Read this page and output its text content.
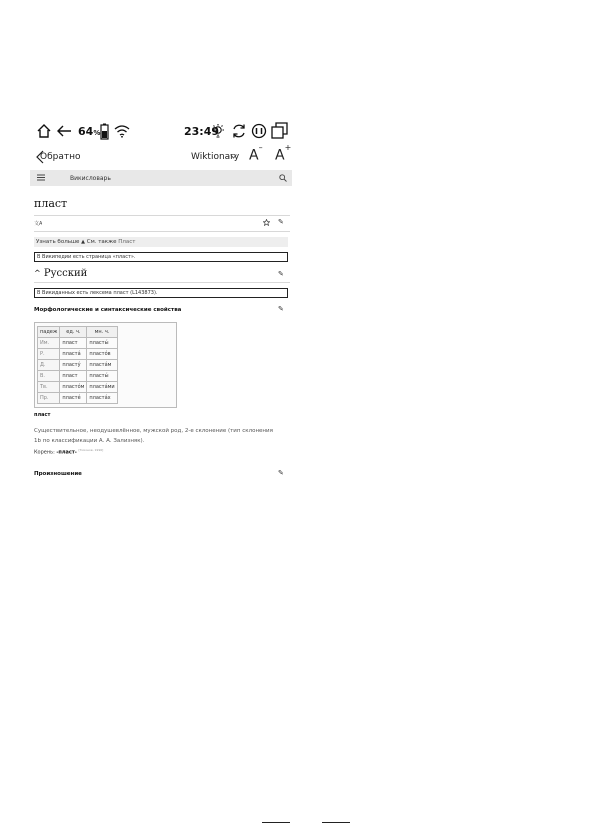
64%	23:49
Обратно	Wiktionary A–
A+
Викисловарь
пласт
文A	✎
Узнать больше ▲ См. также Пласт
В Википедии есть страница «пласт».
^ Русский	✎
В Викиданных есть лексема пласт (L143873).
Морфологические и синтаксические свойства	✎
падеж	ед. ч.	мн. ч.
Им.	пласт	пласты́
Р.	пласта́	пласто́в
Д.	пласту́	пласта́м
В.	пласт	пласты́
Тв.	пласто́м	пласта́ми
Пр.	пласте́	пласта́х
пласт
Существительное, неодушевлённое, мужской род, 2-е склонение (тип склонения 1b по классификации А. А. Зализняк).
Корень: -пласт- [Тихонов, 1996]
Произношение	✎
